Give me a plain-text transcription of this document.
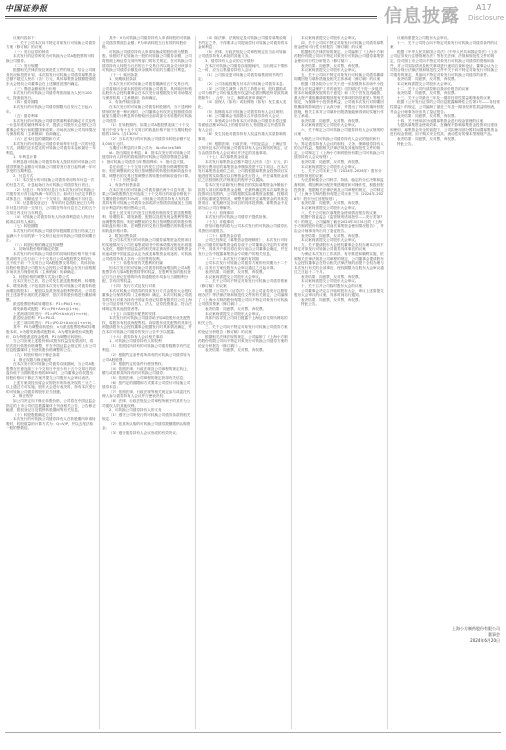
中国证券报	信息披露 A17
Disclosure

议案内容如下：

一、关于公司本次向不特定对象发行可转换公司债券方案（修订稿）的议案

（一）发行证券的种类

本次发行的证券种类为可转换为公司A股股票的可转换公司债券。

（二）发行规模

根据相关法律法规及规范性文件的规定，结合公司财务状况和投资计划，本次拟发行可转换公司债券募集资金总额不超过人民币（含）万元，具体募集资金数额提请股东大会授权公司董事会在上述额度范围内确定。

（三）票面金额和发行价格

本次发行的可转换公司债券每张面值为人民币100元，按面值发行。

（四）债券期限

本次发行的可转换公司债券期限为自发行之日起六年。

（五）债券利率

本次发行的可转换公司债券票面利率的确定方式及每一计息年度的最终利率水平，提请公司股东大会授权公司董事会在发行前根据国家政策、市场状况和公司具体情况与保荐机构（主承销商）协商确定。

（六）还本付息的期限和方式

本次发行的可转换公司债券采用每年付息一次的付息方式，到期归还未偿还的可转换公司债券本金和最后一年利息。

1、年利息计算

年利息指可转换公司债券持有人按持有的可转换公司债券票面总金额自可转换公司债券发行首日起每满一年可享受的当期利息。

2、付息方式

（1）本次发行的可转换公司债券采用每年付息一次的付息方式，计息起始日为可转换公司债券发行首日。

（2）付息日：每年的付息日为本次发行的可转换公司债券发行首日起每满一年的当日。如该日为法定节假日或休息日，则顺延至下一个交易日，顺延期间不另付息。

（3）付息债权登记日：每年的付息债权登记日为每年付息日的前一交易日，公司将在每年付息日之后的五个交易日内支付当年利息。

（4）可转换公司债券持有人所获得利息收入的应付税项由持有人承担。

（七）转股期限

本次发行的可转换公司债券转股期限自发行结束之日起满六个月后的第一个交易日起至可转换公司债券到期日止。

（八）转股价格的确定及其调整

1、初始转股价格的确定依据

本次发行的可转换公司债券的初始转股价格不低于募集说明书公告日前二十个交易日公司A股股票交易均价，且不低于前一个交易日公司A股股票交易均价，具体初始转股价格提请公司股东大会授权公司董事会在发行前根据市场状况与保荐机构（主承销商）协商确定。

2、转股价格的调整方式及计算公式

在本次发行之后，若公司发生派送股票股利、转增股本、增发新股（不包括因本次发行的可转换公司债券转股而增加的股本）、配股以及派发现金股利等情况，公司将按上述条件出现的先后顺序，依次对转股价格进行累积调整。

派送股票股利或转增股本：P1=P0/(1+n)；

增发新股或配股：P1=(P0+A×k)/(1+k)；

上述两项同时进行：P1=(P0+A×k)/(1+n+k)；

派送现金股利：P1=P0-D；

上述三项同时进行：P1=(P0-D+A×k)/(1+n+k)。

其中：P0为调整前转股价，n为派送股票股利或转增股本率，k为增发新股或配股率，A为增发新股价或配股价，D为每股派送现金股利，P1为调整后转股价。

当公司出现上述股份和/或股东权益变化情况时，将依次进行转股价格调整，并在中国证监会指定的上市公司信息披露媒体上刊登转股价格调整的公告。

（九）转股价格向下修正条款

1、修正权限与修正幅度

在本次发行的可转换公司债券存续期间，当公司A股股票在任意连续三十个交易日中至少有十五个交易日的收盘价低于当期转股价格的85%时，公司董事会有权提出转股价格向下修正方案并提交公司股东大会审议表决。

上述方案须经出席会议的股东所持表决权的三分之二以上通过方可实施。股东大会进行表决时，持有本次发行的可转换公司债券的股东应当回避。

2、修正程序

如公司决定向下修正转股价格，公司将在中国证监会指定的上市公司信息披露媒体上刊登相关公告，公告修正幅度、股权登记日及暂停转股期间等有关信息。

（十）转股股数确定方式

本次发行的可转换公司债券持有人在转股期内申请转股时，转股数量的计算方式为：Q=V/P，并以去尾法取一股的整数倍。

其中：V为可转换公司债券持有人申请转股的可转换公司债券票面总金额；P为申请转股当日有效的转股价格。

可转换公司债券持有人申请转换成的股份须为整数股。转股时不足转换为一股的可转换公司债券余额，公司将按照上海证券交易所等部门的有关规定，在可转换公司债券持有人转股当日后的五个交易日内以现金兑付该部分可转换公司债券余额及该余额所对应的当期应计利息。

（十一）赎回条款

1、到期赎回条款

在本次发行的可转换公司债券期满后五个交易日内，公司将赎回全部未转股的可转换公司债券，具体赎回价格由股东大会授权董事会在本次发行前根据发行时市场情况与保荐机构（主承销商）协商确定。

2、有条件赎回条款

在本次发行的可转换公司债券转股期内，当下述两种情形的任意一种出现时，公司董事会有权决定按照债券面值加当期应计利息的价格赎回全部或部分未转股的可转换公司债券：

（1）在转股期内，如果公司A股股票连续三十个交易日中至少有十五个交易日的收盘价格不低于当期转股价格的130%（含130%）；

（2）当本次发行的可转换公司债券未转股余额不足3,000万元时。

当期应计利息的计算公式为：IA=B×i×t/365

IA：指当期应计利息；B：指本次发行的可转换公司债券持有人持有的将赎回的可转换公司债券票面总金额；i：指可转换公司债券当年票面利率；t：指计息天数。

若在前述三十个交易日内发生过转股价格调整的情形，则在调整前的交易日按调整前的转股价格和收盘价计算，调整后的交易日按调整后的转股价格和收盘价计算。

（十二）回售条款

1、有条件回售条款

在本次发行的可转换公司债券最后两个计息年度，如果公司A股股票在任何连续三十个交易日的收盘价格低于当期转股价格的70%时，可转换公司债券持有人有权将其持有的可转换公司债券全部或部分按债券面值加上当期应计利息的价格回售给公司。

若在上述交易日内发生过转股价格因发生派送股票股利、转增股本、增发新股、配股以及派发现金股利等情况而调整的情形，则在调整前的交易日按调整前的转股价格和收盘价格计算，在调整后的交易日按调整后的转股价格和收盘价格计算。

2、附加回售条款

若公司本次发行的可转换公司债券募集资金投资项目的实施情况与公司在募集说明书中的承诺情况相比出现重大变化，根据中国证监会的相关规定被视作改变募集资金用途或被中国证监会认定为改变募集资金用途的，可转换公司债券持有人享有一次回售的权利。

（十三）转股年度有关股利的归属

因本次发行的可转换公司债券转股而增加的公司A股股票享有与原A股股票同等的权益，在股利发放的股权登记日当日登记在册的所有普通股股东均参与当期股利分配，享有同等权益。

（十四）发行方式及发行对象

本次可转换公司债券的具体发行方式由股东大会授权董事会与保荐机构（主承销商）确定。本次可转换公司债券的发行对象为持有中国证券登记结算有限责任公司上海分公司证券账户的自然人、法人、证券投资基金、符合法律规定的其他投资者等。

（十五）向原股东配售的安排

本次发行的可转换公司债券给予原A股股东优先配售权，原股东有权放弃配售权。向原股东优先配售的具体比例提请股东大会授权董事会根据发行时具体情况确定，并在本次可转换公司债券的发行公告中予以披露。

（十六）债券持有人会议相关事项

1、可转换公司债券持有人的权利

（1）依照其所持有的可转换公司债券数额享有约定利息；

（2）根据约定条件将所持有的可转换公司债券转为公司A股股票；

（3）根据约定的条件行使回售权；

（4）依照法律、行政法规及公司章程的规定转让、赠与或质押其所持有的可转换公司债券；

（5）依照法律、公司章程的规定获得有关信息；

（6）按约定的期限和方式要求公司偿付可转换公司债券本息；

（7）依照法律、行政法规等相关规定参与或委托代理人参与债券持有人会议并行使表决权；

（8）法律、行政法规及公司章程所赋予的其作为公司债权人的其他权利。

2、可转换公司债券持有人的义务

（1）遵守公司所发行的可转换公司债券条款的相关规定；

（2）依其所认购的可转换公司债券数额缴纳认购资金；

（3）遵守债券持有人会议形成的有效决议；

（4）除法律、法规规定及可转换公司债券募集说明书约定之外，不得要求公司提前偿付可转换公司债券的本金和利息；

（5）法律、行政法规及公司章程规定应当由可转换公司债券持有人承担的其他义务。

3、债券持有人会议的召开情形

在本次可转换公司债券存续期间内，当出现以下情形之一时，应当召集债券持有人会议：

（1）公司拟变更可转换公司债券募集说明书的约定；

（2）公司未能按期支付本次可转换公司债券本息；

（3）公司发生减资（因员工持股计划、股权激励或公司为维护公司价值及股东权益所必需回购股份导致的减资除外）、合并、分立、解散或者申请破产；

（4）担保人（如有）或担保物（如有）发生重大变化；

（5）拟修改本次可转换公司债券持有人会议规则；

（6）公司董事会书面提议召开债券持有人会议；

（7）单独或合计持有本次可转换公司债券未偿还债券面值总额10%以上的债券持有人书面提议召开债券持有人会议；

（8）发生其他对债券持有人权益有重大实质影响的事项；

（9）根据法律、行政法规、中国证监会、上海证券交易所及本次可转换公司债券持有人会议规则的规定，应当由债券持有人会议审议并决定的其他事项。

（十七）本次募集资金用途

本次发行募集资金总额不超过人民币（含）万元，扣除发行费用后的募集资金净额拟投资于以下项目。在本次发行募集资金到位之前，公司将根据募集资金投资项目实施进度的实际情况以自筹资金先行投入，并在募集资金到位之后按照相关法规规定的程序予以置换。

若本次发行扣除发行费用后的实际募集资金净额低于拟投入项目的募集资金金额，在最终确定的本次募集资金投资项目范围内，公司将根据实际募集资金数额，按照项目的轻重缓急等情况，调整并最终决定募集资金的具体投资项目、优先顺序及各项目的具体投资额，募集资金不足部分由公司自筹解决。

（十八）担保事项

本次发行的可转换公司债券不提供担保。

（十九）评级事项

资信评级机构将为公司本次发行的可转换公司债券出具资信评级报告。

（二十）募集资金存管

公司已经制定《募集资金管理制度》，本次发行可转换公司债券的募集资金将存放于公司董事会决定的专项账户中，具体开户事宜将在发行前由公司董事会确定，并在发行公告中披露募集资金专项账户的相关信息。

（二十一）本次发行方案的有效期

公司本次发行可转换公司债券方案的有效期为十二个月，自发行方案经股东大会审议通过之日起计算。

表决结果：同意票，反对票，弃权票。

本议案尚需提交公司股东大会审议。

二、关于公司向不特定对象发行可转换公司债券预案（修订稿）的议案

根据《公司法》《证券法》《上市公司证券发行注册管理办法》等法律法规和规范性文件的有关规定，公司编制了《上海小方制药股份有限公司向不特定对象发行可转换公司债券预案（修订稿）》。

表决结果：同意票，反对票，弃权票。

本议案尚需提交公司股东大会审议。

具体内容详见公司同日披露于上海证券交易所网站的相关公告。

三、关于公司向不特定对象发行可转换公司债券方案的论证分析报告（修订稿）的议案

根据相关法律法规的规定，公司编制了《上海小方制药股份有限公司向不特定对象发行可转换公司债券方案的论证分析报告（修订稿）》。

表决结果：同意票，反对票，弃权票。

本议案尚需提交公司股东大会审议。

四、关于公司向不特定对象发行可转换公司债券募集资金使用可行性分析报告（修订稿）的议案

根据相关法律法规的规定，公司编制了《上海小方制药股份有限公司向不特定对象发行可转换公司债券募集资金使用可行性分析报告（修订稿）》。

表决结果：同意票，反对票，弃权票。

本议案尚需提交公司股东大会审议。

五、关于公司向不特定对象发行可转换公司债券摊薄即期回报与填补措施及相关主体承诺（修订稿）的议案

根据《国务院办公厅关于进一步加强资本市场中小投资者合法权益保护工作的意见》《国务院关于进一步促进资本市场健康发展的若干意见》和《关于首发及再融资、重大资产重组摊薄即期回报有关事项的指导意见》等相关规定，为保障中小投资者利益，公司就本次发行对即期回报摊薄的影响进行了认真分析，并提出了具体的填补回报措施，相关主体对公司填补回报措施能够得到切实履行作出了承诺。

表决结果：同意票，反对票，弃权票。

本议案尚需提交公司股东大会审议。

六、关于制定公司可转换公司债券持有人会议规则的议案

为规范公司可转换公司债券持有人会议的组织和行为，界定债券持有人会议的职权、义务，保障债券持有人的合法权益，根据相关法律法规及其他规范性文件的规定，公司制定了《上海小方制药股份有限公司可转换公司债券持有人会议规则》。

表决结果：同意票，反对票，弃权票。

本议案尚需提交公司股东大会审议。

七、关于公司未来三年（2024年-2026年）股东分红回报规划的议案

为完善和健全公司科学、持续、稳定的分红决策和监督机制，增加利润分配决策透明度和可操作性，积极回报投资者，根据相关法律法规及公司章程的规定，公司制定了《上海小方制药股份有限公司未来三年（2024年-2026年）股东分红回报规划》。

表决结果：同意票，反对票，弃权票。

本议案尚需提交公司股东大会审议。

八、关于公司前次募集资金使用情况报告的议案

根据中国证监会《监管规则适用指引——发行类第7号》的规定，公司编制了截至2024年3月31日的《上海小方制药股份有限公司前次募集资金使用情况报告》，并由会计师事务所出具了鉴证报告。

表决结果：同意票，反对票，弃权票。

本议案尚需提交公司股东大会审议。

九、关于提请股东大会授权董事会全权办理本次向不特定对象发行可转换公司债券具体事宜的议案

为保证本次发行工作高效、有序推进和顺利实施，依照相关法律法规及公司章程的规定，公司董事会提请股东大会授权董事会在符合相关法律法规的前提下全权办理与本次发行有关的全部事宜，授权期限为自股东大会审议通过之日起十二个月。

表决结果：同意票，反对票，弃权票。

本议案尚需提交公司股东大会审议。

十、关于召开公司临时股东大会的议案

公司董事会决定召开临时股东大会，审议上述需提交股东大会审议的议案，具体时间另行通知。

表决结果：同意票，反对票，弃权票。

特此公告。

议案尚需提交公司股东大会审议。

十一、关于公司符合向不特定对象发行可转换公司债券条件的议案

根据《中华人民共和国公司法》《中华人民共和国证券法》《上市公司证券发行注册管理办法》等有关法律、法规和规范性文件的规定，经对照上市公司向不特定对象发行可转换公司债券的资格和条件，对公司实际情况及相关事项进行逐项自查和论证，董事会认为公司符合现行法律法规和规范性文件中关于向不特定对象发行可转换公司债券的规定，具备向不特定对象发行可转换公司债券的条件。

表决结果：同意票，反对票，弃权票。

本议案尚需提交公司股东大会审议。

十二、关于公司内部控制自我评价报告的议案

表决结果：同意票，反对票，弃权票。

十三、关于公司最近三年及一期非经常性损益明细表的议案

根据《公开发行证券的公司信息披露解释性公告第1号——非经常性损益》的规定，公司编制了最近三年及一期非经常性损益明细表，并由会计师事务所出具了鉴证报告。

表决结果：同意票，反对票，弃权票。

十四、关于使用部分闲置募集资金进行现金管理的议案

为提高募集资金使用效率，在确保不影响募集资金投资项目建设和使用、募集资金安全的前提下，公司拟使用部分暂时闲置募集资金进行现金管理，用于购买安全性高、流动性好的保本型理财产品。

表决结果：同意票，反对票，弃权票。

特此公告。

上海小方制药股份有限公司
董事会
2024年6月20日
